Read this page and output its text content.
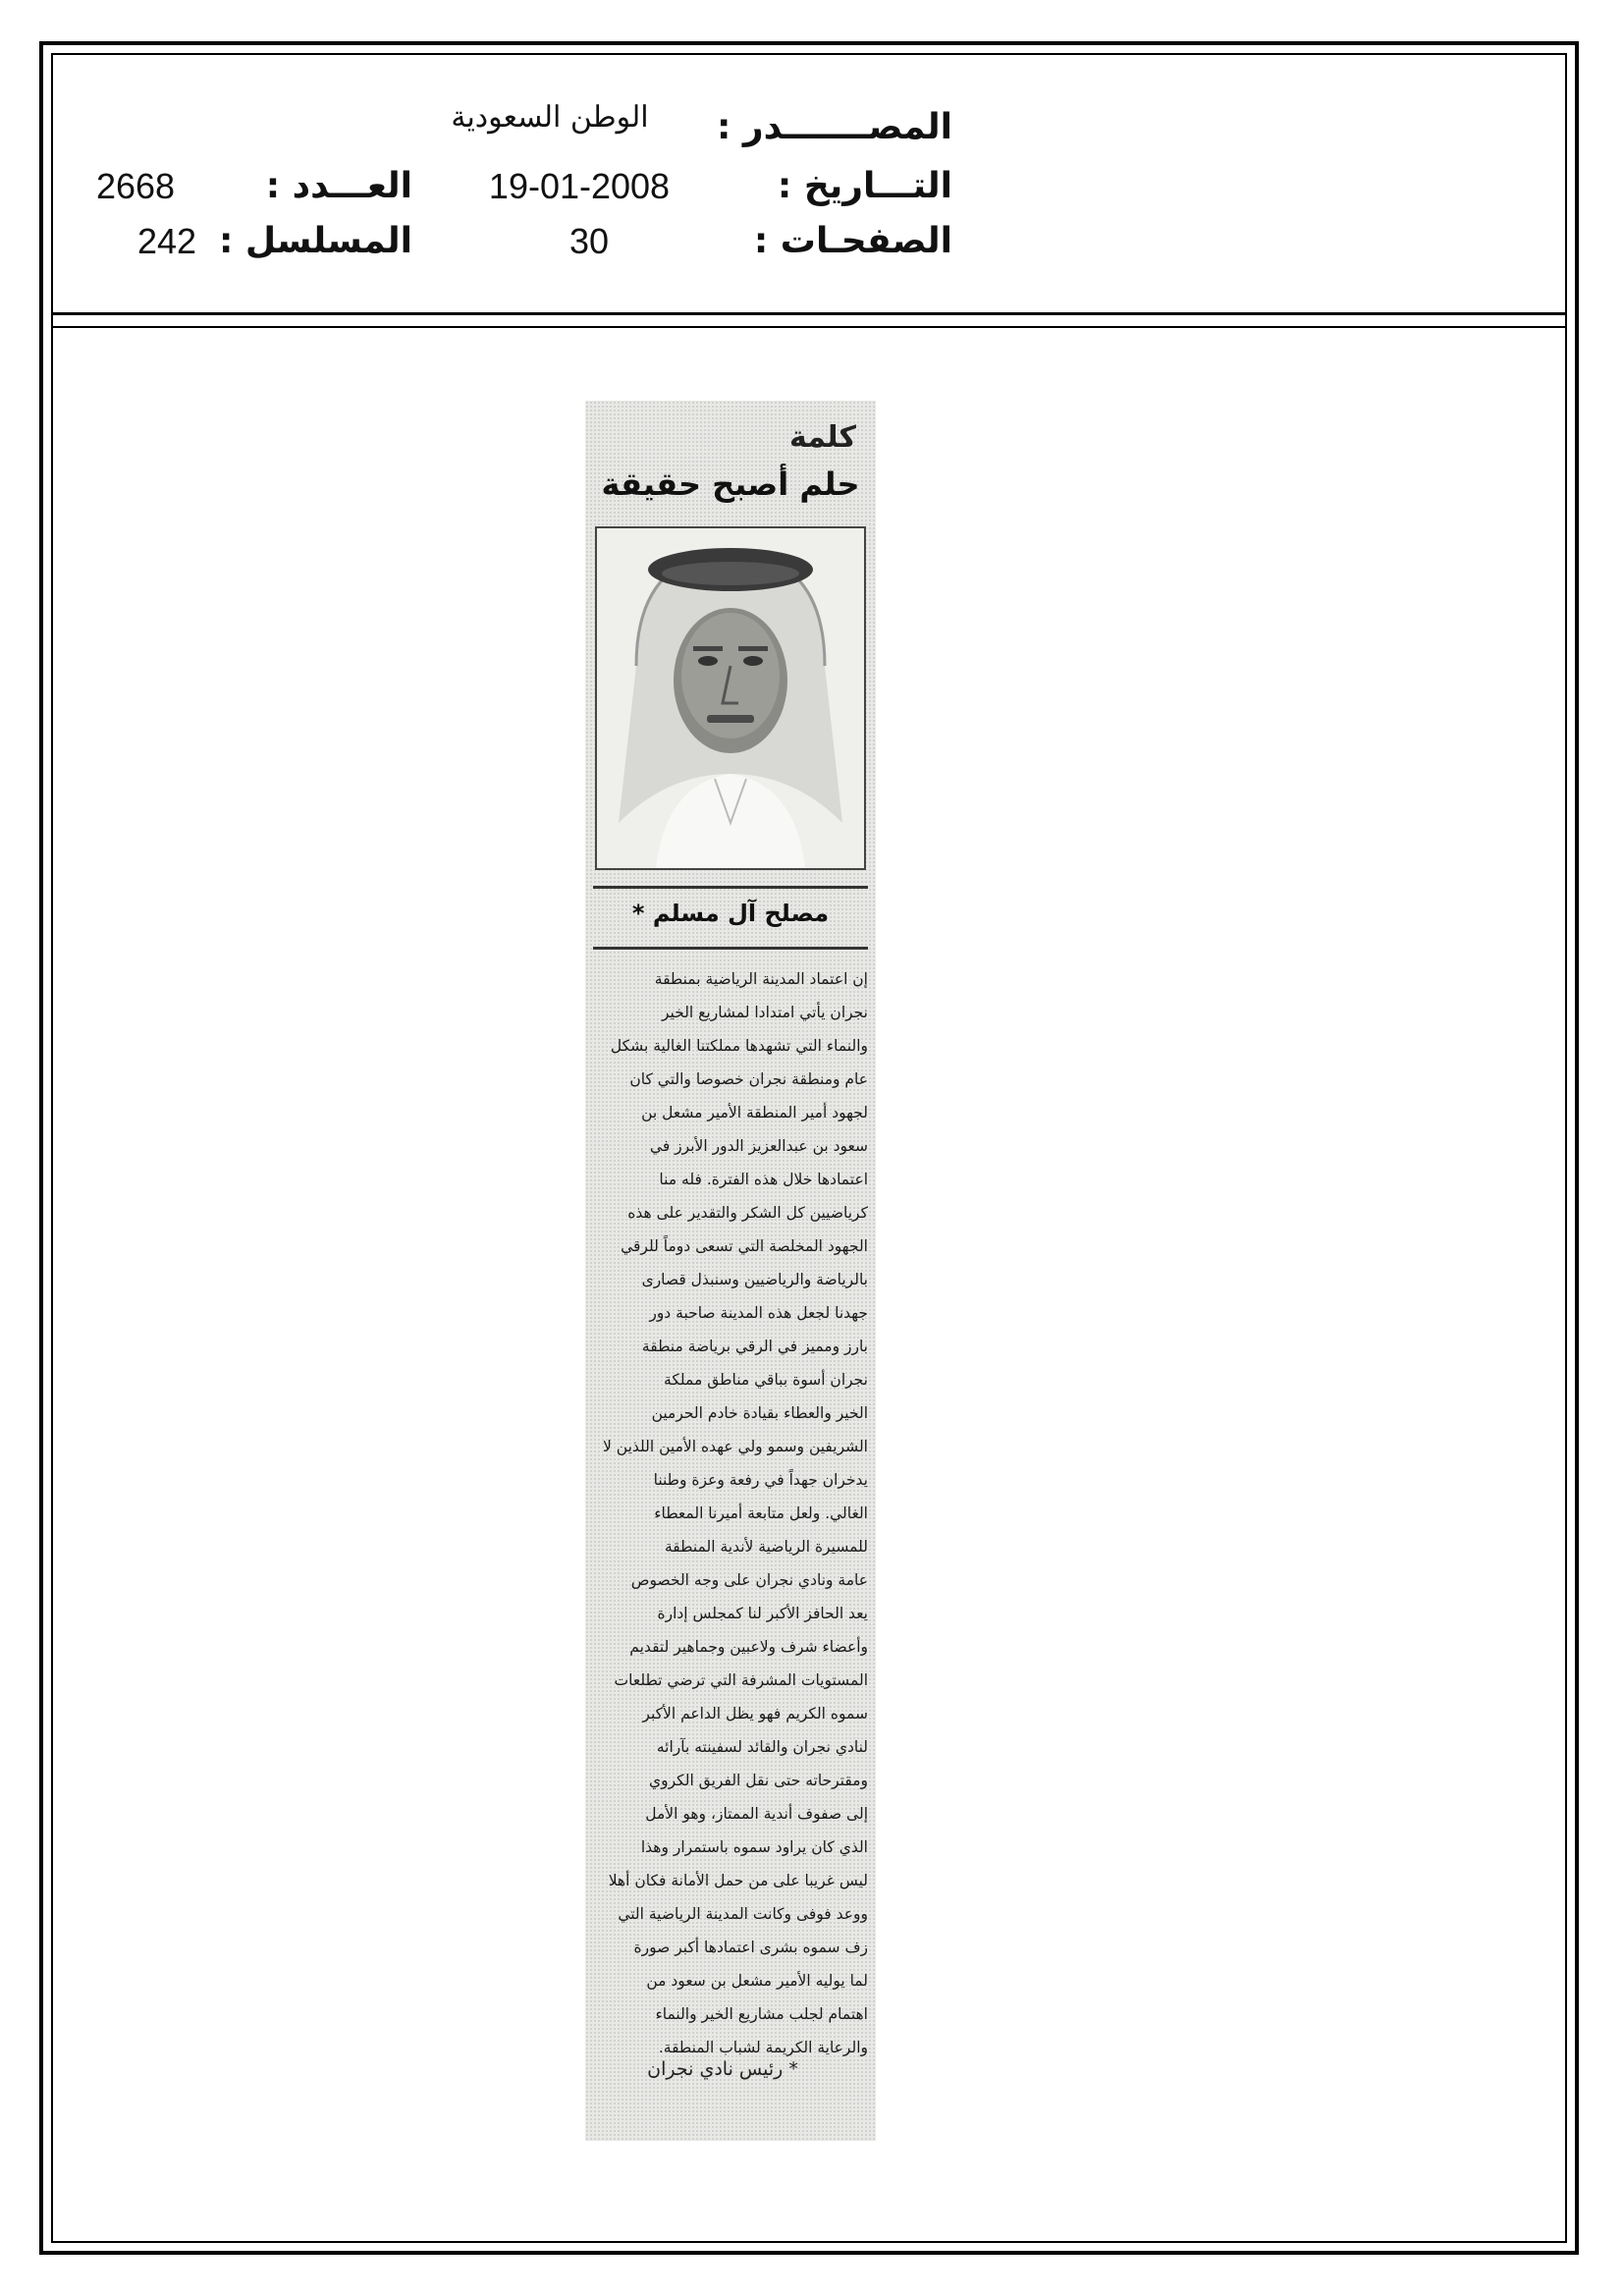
المصـــــــدر :
الوطن السعودية
التـــاريخ :
19-01-2008
الصفحـات :
30
العـــدد :
2668
المسلسل :
242
كلمة
حلم أصبح حقيقة
مصلح آل مسلم *
إن اعتماد المدينة الرياضية بمنطقة
نجران يأتي امتدادا لمشاريع الخير
والنماء التي تشهدها مملكتنا الغالية بشكل
عام ومنطقة نجران خصوصا والتي كان
لجهود أمير المنطقة الأمير مشعل بن
سعود بن عبدالعزيز الدور الأبرز في
اعتمادها خلال هذه الفترة. فله منا
كرياضيين كل الشكر والتقدير على هذه
الجهود المخلصة التي تسعى دوماً للرقي
بالرياضة والرياضيين وسنبذل قصارى
جهدنا لجعل هذه المدينة صاحبة دور
بارز ومميز في الرقي برياضة منطقة
نجران أسوة بباقي مناطق مملكة
الخير والعطاء بقيادة خادم الحرمين
الشريفين وسمو ولي عهده الأمين اللذين لا
يدخران جهداً في رفعة وعزة وطننا
الغالي. ولعل متابعة أميرنا المعطاء
للمسيرة الرياضية لأندية المنطقة
عامة ونادي نجران على وجه الخصوص
يعد الحافز الأكبر لنا كمجلس إدارة
وأعضاء شرف ولاعبين وجماهير لتقديم
المستويات المشرفة التي ترضي تطلعات
سموه الكريم فهو يظل الداعم الأكبر
لنادي نجران والقائد لسفينته بآرائه
ومقترحاته حتى نقل الفريق الكروي
إلى صفوف أندية الممتاز، وهو الأمل
الذي كان يراود سموه باستمرار وهذا
ليس غريبا على من حمل الأمانة فكان أهلا
ووعد فوفى وكانت المدينة الرياضية التي
زف سموه بشرى اعتمادها أكبر صورة
لما يوليه الأمير مشعل بن سعود من
اهتمام لجلب مشاريع الخير والنماء
والرعاية الكريمة لشباب المنطقة.
* رئيس نادي نجران
